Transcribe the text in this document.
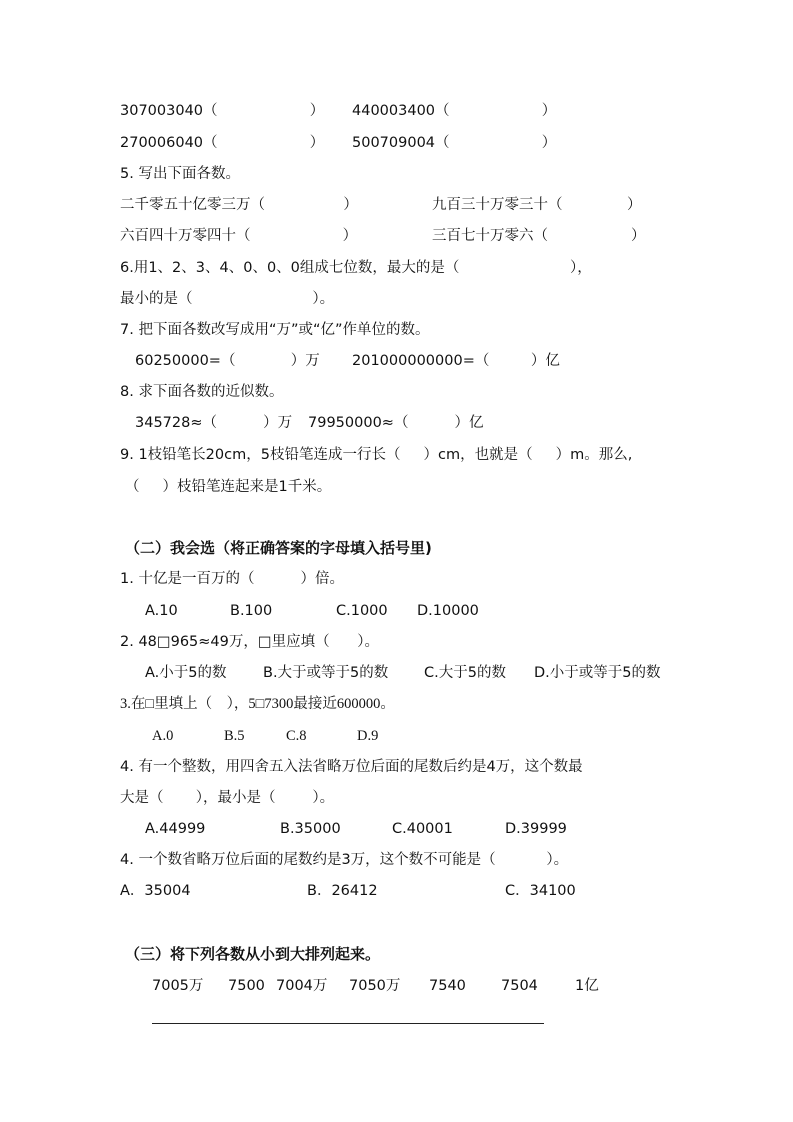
307003040（                    ） 440003400（                    ）
270006040（                    ） 500709004（                    ）
5. 写出下面各数。
二千零五十亿零三万（                 ）	九百三十万零三十（              ）
六百四十万零四十（                    ）	三百七十万零六（                  ）
6.用1、2、3、4、0、0、0组成七位数，最大的是（                        ），
最小的是（                          ）。
7. 把下面各数改写成用“万”或“亿”作单位的数。
60250000=（            ）万 201000000000=（         ）亿
8. 求下面各数的近似数。
345728≈（          ）万 79950000≈（          ）亿
9. 1枝铅笔长20cm，5枝铅笔连成一行长（     ）cm，也就是（     ）m。那么,
（     ）枝铅笔连起来是1千米。
（二）我会选（将正确答案的字母填入括号里)
1. 十亿是一百万的（          ）倍。
A.10	B.100	C.1000 D.10000
2. 48□965≈49万，□里应填（      ）。
A.小于5的数	B.大于或等于5的数 C.大于5的数 D.小于或等于5的数
3.在□里填上（    ），5□7300最接近600000。
A.0	B.5	C.8	D.9
4. 有一个整数，用四舍五入法省略万位后面的尾数后约是4万，这个数最
大是（       ），最小是（        ）。
A.44999	B.35000	C.40001	D.39999
4. 一个数省略万位后面的尾数约是3万，这个数不可能是（           ）。
A．35004	B．26412	C．34100
（三）将下列各数从小到大排列起来。
7005万 7500 7004万 7050万 7540 7504	1亿
